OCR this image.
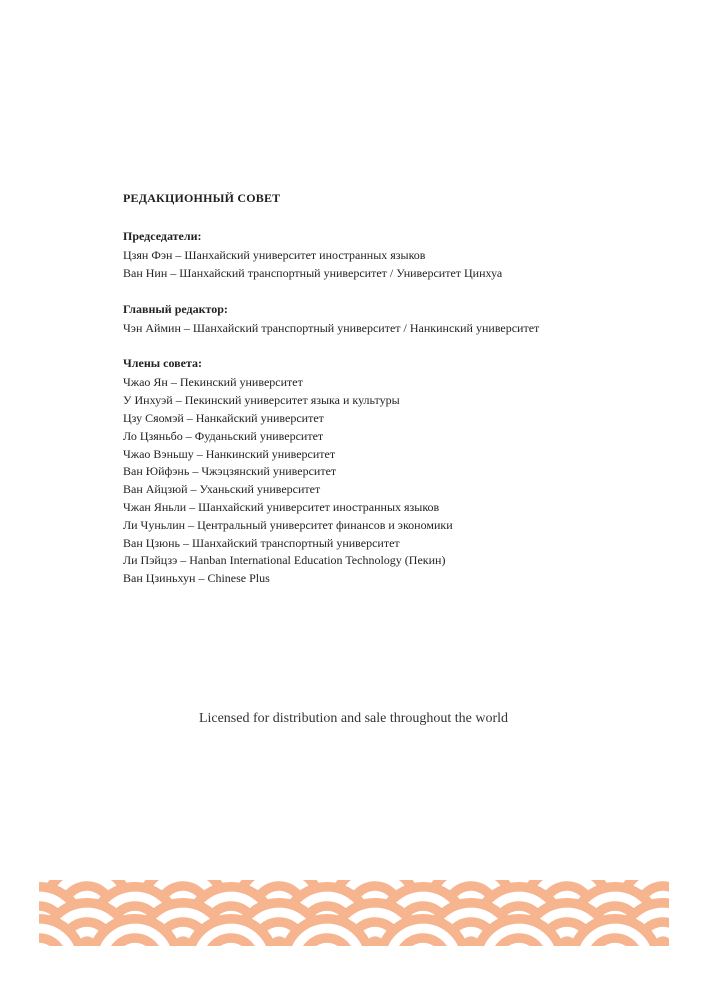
РЕДАКЦИОННЫЙ СОВЕТ
Председатели:
Цзян Фэн – Шанхайский университет иностранных языков
Ван Нин – Шанхайский транспортный университет / Университет Цинхуа
Главный редактор:
Чэн Аймин – Шанхайский транспортный университет / Нанкинский университет
Члены совета:
Чжао Ян – Пекинский университет
У Инхуэй – Пекинский университет языка и культуры
Цзу Сяомэй – Нанкайский университет
Ло Цзяньбо – Фуданьский университет
Чжао Вэньшу – Нанкинский университет
Ван Юйфэнь – Чжэцзянский университет
Ван Айцзюй – Уханьский университет
Чжан Яньли – Шанхайский университет иностранных языков
Ли Чуньлин – Центральный университет финансов и экономики
Ван Цзюнь – Шанхайский транспортный университет
Ли Пэйцзэ – Hanban International Education Technology (Пекин)
Ван Цзиньхун – Chinese Plus
Licensed for distribution and sale throughout the world
